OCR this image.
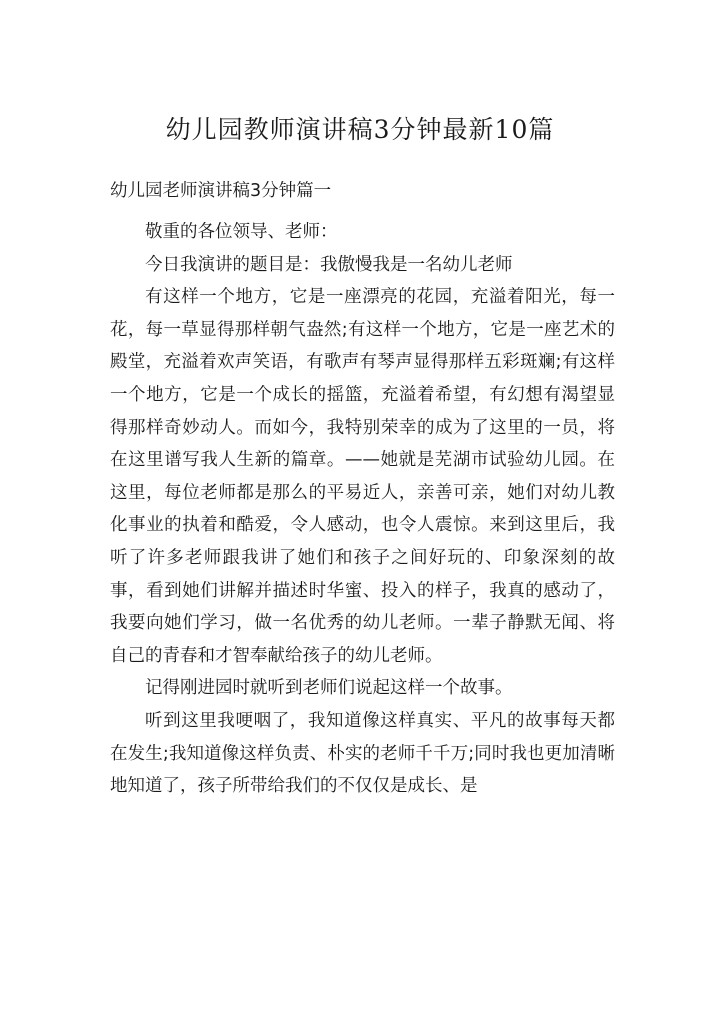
幼儿园教师演讲稿3分钟最新10篇
幼儿园老师演讲稿3分钟篇一

敬重的各位领导、老师：

今日我演讲的题目是：我傲慢我是一名幼儿老师

有这样一个地方，它是一座漂亮的花园，充溢着阳光，每一花，每一草显得那样朝气盎然;有这样一个地方，它是一座艺术的殿堂，充溢着欢声笑语，有歌声有琴声显得那样五彩斑斓;有这样一个地方，它是一个成长的摇篮，充溢着希望，有幻想有渴望显得那样奇妙动人。而如今，我特别荣幸的成为了这里的一员，将在这里谱写我人生新的篇章。——她就是芜湖市试验幼儿园。在这里，每位老师都是那么的平易近人，亲善可亲，她们对幼儿教化事业的执着和酷爱，令人感动，也令人震惊。来到这里后，我听了许多老师跟我讲了她们和孩子之间好玩的、印象深刻的故事，看到她们讲解并描述时华蜜、投入的样子，我真的感动了，我要向她们学习，做一名优秀的幼儿老师。一辈子静默无闻、将自己的青春和才智奉献给孩子的幼儿老师。

记得刚进园时就听到老师们说起这样一个故事。

听到这里我哽咽了，我知道像这样真实、平凡的故事每天都在发生;我知道像这样负责、朴实的老师千千万;同时我也更加清晰地知道了，孩子所带给我们的不仅仅是成长、是
